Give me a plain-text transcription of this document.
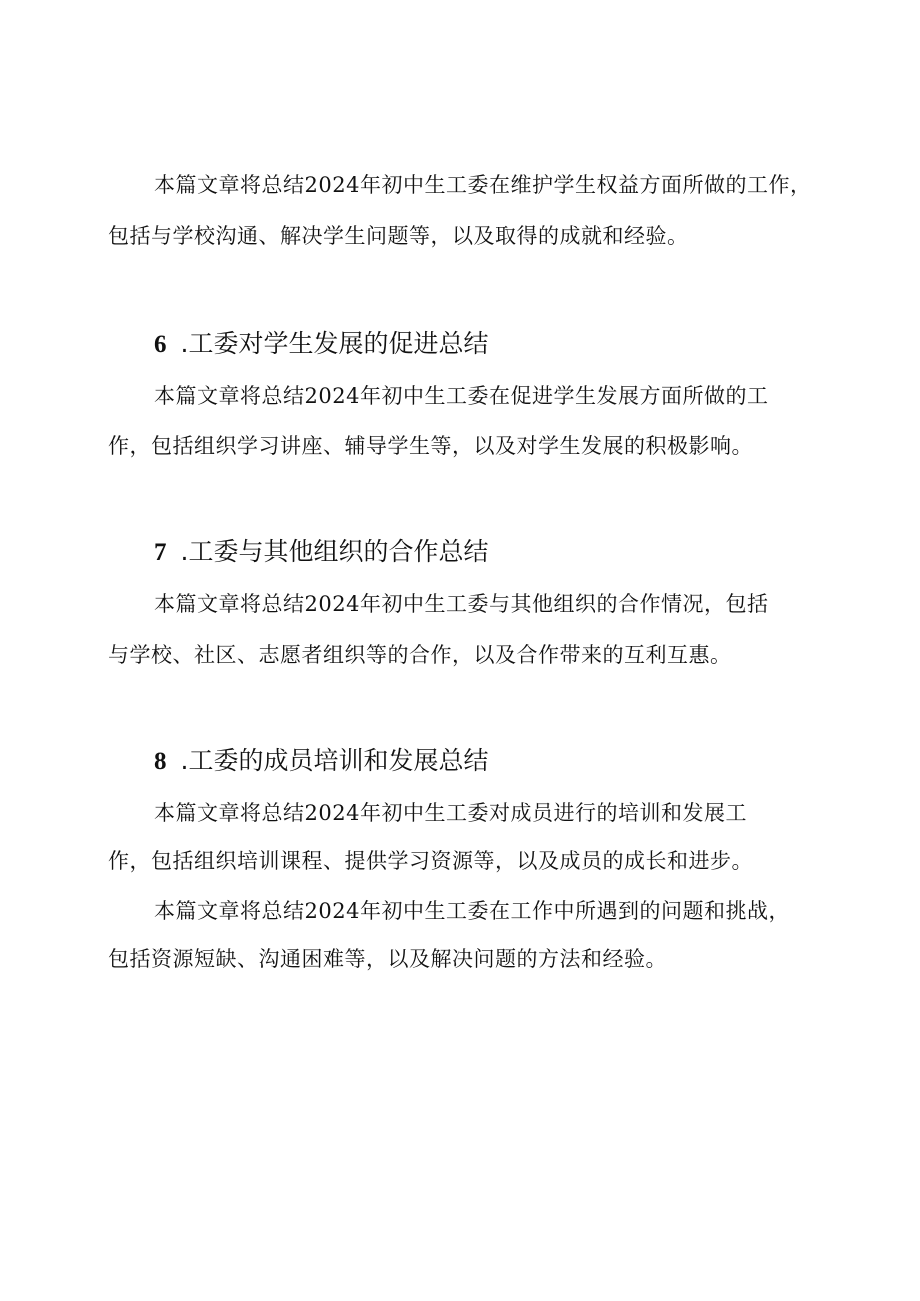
本篇文章将总结2024年初中生工委在维护学生权益方面所做的工作，
包括与学校沟通、解决学生问题等，以及取得的成就和经验。
6 .工委对学生发展的促进总结
本篇文章将总结2024年初中生工委在促进学生发展方面所做的工
作，包括组织学习讲座、辅导学生等，以及对学生发展的积极影响。
7 .工委与其他组织的合作总结
本篇文章将总结2024年初中生工委与其他组织的合作情况，包括
与学校、社区、志愿者组织等的合作，以及合作带来的互利互惠。
8 .工委的成员培训和发展总结
本篇文章将总结2024年初中生工委对成员进行的培训和发展工
作，包括组织培训课程、提供学习资源等，以及成员的成长和进步。
本篇文章将总结2024年初中生工委在工作中所遇到的问题和挑战，
包括资源短缺、沟通困难等，以及解决问题的方法和经验。
